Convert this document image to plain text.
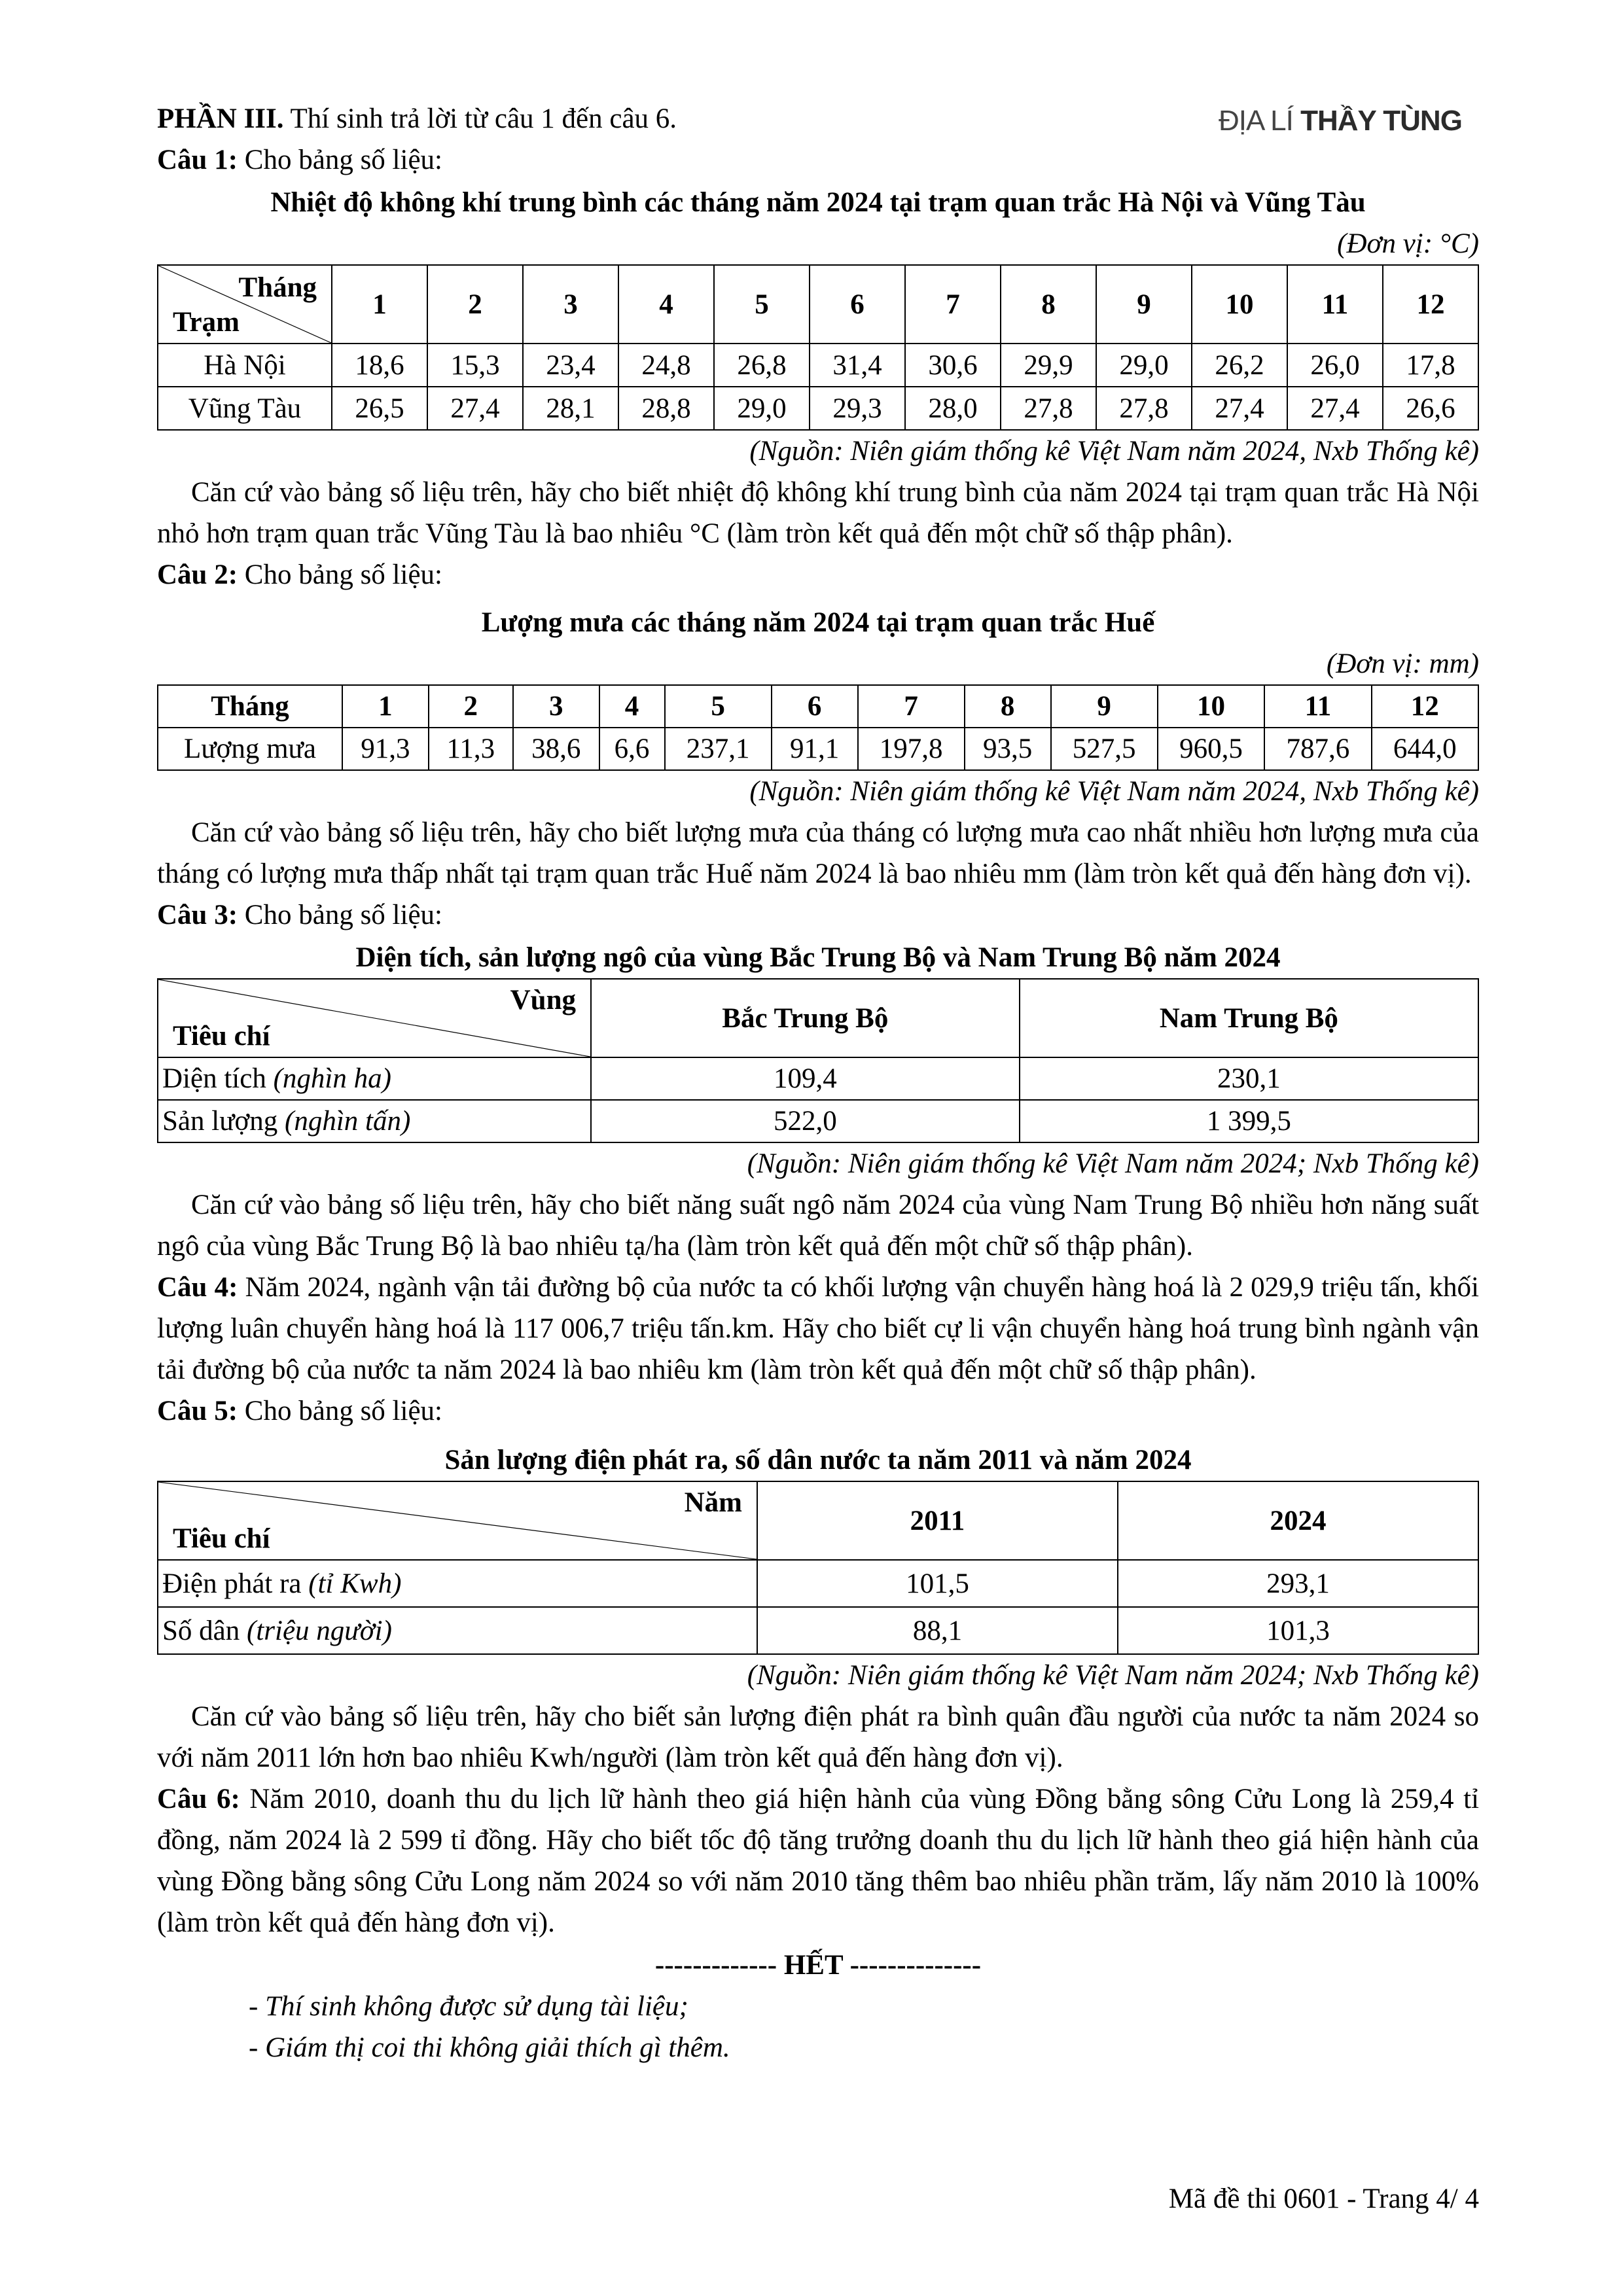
ĐỊA LÍ THẦY TÙNG

PHẦN III. Thí sinh trả lời từ câu 1 đến câu 6.

Câu 1: Cho bảng số liệu:

Nhiệt độ không khí trung bình các tháng năm 2024 tại trạm quan trắc Hà Nội và Vũng Tàu

(Đơn vị: °C)

Tháng
Trạm	1	2	3	4	5	6	7	8	9	10	11	12
Hà Nội	18,6	15,3	23,4	24,8	26,8	31,4	30,6	29,9	29,0	26,2	26,0	17,8
Vũng Tàu	26,5	27,4	28,1	28,8	29,0	29,3	28,0	27,8	27,8	27,4	27,4	26,6

(Nguồn: Niên giám thống kê Việt Nam năm 2024, Nxb Thống kê)

Căn cứ vào bảng số liệu trên, hãy cho biết nhiệt độ không khí trung bình của năm 2024 tại trạm quan trắc Hà Nội nhỏ hơn trạm quan trắc Vũng Tàu là bao nhiêu °C (làm tròn kết quả đến một chữ số thập phân).

Câu 2: Cho bảng số liệu:

Lượng mưa các tháng năm 2024 tại trạm quan trắc Huế

(Đơn vị: mm)

Tháng	1	2	3	4	5	6	7	8	9	10	11	12
Lượng mưa	91,3	11,3	38,6	6,6	237,1	91,1	197,8	93,5	527,5	960,5	787,6	644,0

(Nguồn: Niên giám thống kê Việt Nam năm 2024, Nxb Thống kê)

Căn cứ vào bảng số liệu trên, hãy cho biết lượng mưa của tháng có lượng mưa cao nhất nhiều hơn lượng mưa của tháng có lượng mưa thấp nhất tại trạm quan trắc Huế năm 2024 là bao nhiêu mm (làm tròn kết quả đến hàng đơn vị).

Câu 3: Cho bảng số liệu:

Diện tích, sản lượng ngô của vùng Bắc Trung Bộ và Nam Trung Bộ năm 2024

Vùng
Tiêu chí	Bắc Trung Bộ	Nam Trung Bộ
Diện tích (nghìn ha)	109,4	230,1
Sản lượng (nghìn tấn)	522,0	1 399,5

(Nguồn: Niên giám thống kê Việt Nam năm 2024; Nxb Thống kê)

Căn cứ vào bảng số liệu trên, hãy cho biết năng suất ngô năm 2024 của vùng Nam Trung Bộ nhiều hơn năng suất ngô của vùng Bắc Trung Bộ là bao nhiêu tạ/ha (làm tròn kết quả đến một chữ số thập phân).

Câu 4: Năm 2024, ngành vận tải đường bộ của nước ta có khối lượng vận chuyển hàng hoá là 2 029,9 triệu tấn, khối lượng luân chuyển hàng hoá là 117 006,7 triệu tấn.km. Hãy cho biết cự li vận chuyển hàng hoá trung bình ngành vận tải đường bộ của nước ta năm 2024 là bao nhiêu km (làm tròn kết quả đến một chữ số thập phân).

Câu 5: Cho bảng số liệu:

Sản lượng điện phát ra, số dân nước ta năm 2011 và năm 2024

Năm
Tiêu chí	2011	2024
Điện phát ra (tỉ Kwh)	101,5	293,1
Số dân (triệu người)	88,1	101,3

(Nguồn: Niên giám thống kê Việt Nam năm 2024; Nxb Thống kê)

Căn cứ vào bảng số liệu trên, hãy cho biết sản lượng điện phát ra bình quân đầu người của nước ta năm 2024 so với năm 2011 lớn hơn bao nhiêu Kwh/người (làm tròn kết quả đến hàng đơn vị).

Câu 6: Năm 2010, doanh thu du lịch lữ hành theo giá hiện hành của vùng Đồng bằng sông Cửu Long là 259,4 tỉ đồng, năm 2024 là 2 599 tỉ đồng. Hãy cho biết tốc độ tăng trưởng doanh thu du lịch lữ hành theo giá hiện hành của vùng Đồng bằng sông Cửu Long năm 2024 so với năm 2010 tăng thêm bao nhiêu phần trăm, lấy năm 2010 là 100% (làm tròn kết quả đến hàng đơn vị).

------------- HẾT --------------

- Thí sinh không được sử dụng tài liệu;

- Giám thị coi thi không giải thích gì thêm.

Mã đề thi 0601 - Trang 4/ 4
